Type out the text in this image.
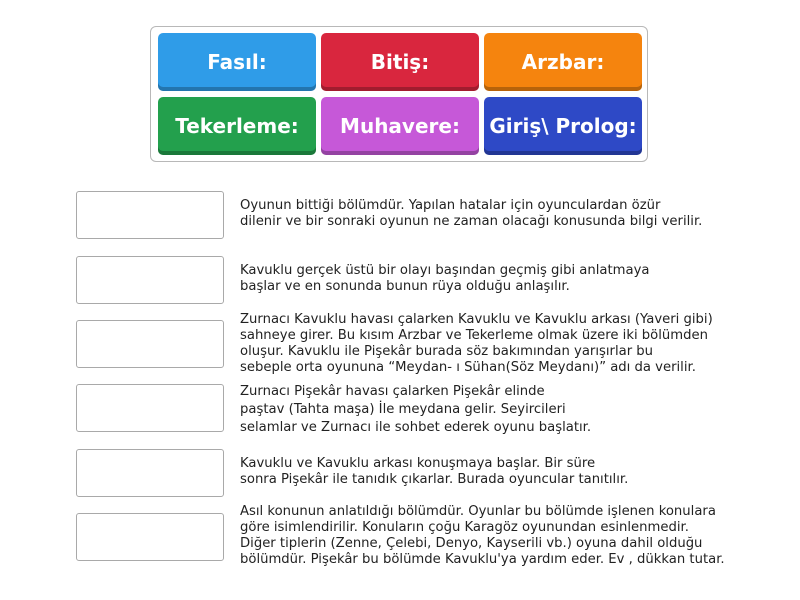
Fasıl:	Bitiş:	Arzbar:
Tekerleme:	Muhavere:	Giriş\ Prolog:
Oyunun bittiği bölümdür. Yapılan hatalar için oyunculardan özür
dilenir ve bir sonraki oyunun ne zaman olacağı konusunda bilgi verilir.
Kavuklu gerçek üstü bir olayı başından geçmiş gibi anlatmaya
başlar ve en sonunda bunun rüya olduğu anlaşılır.
Zurnacı Kavuklu havası çalarken Kavuklu ve Kavuklu arkası (Yaveri gibi)
sahneye girer. Bu kısım Arzbar ve Tekerleme olmak üzere iki bölümden
oluşur. Kavuklu ile Pişekâr burada söz bakımından yarışırlar bu
sebeple orta oyununa “Meydan- ı Sühan(Söz Meydanı)” adı da verilir.
Zurnacı Pişekâr havası çalarken Pişekâr elinde
paştav (Tahta maşa) İle meydana gelir. Seyircileri
selamlar ve Zurnacı ile sohbet ederek oyunu başlatır.
Kavuklu ve Kavuklu arkası konuşmaya başlar. Bir süre
sonra Pişekâr ile tanıdık çıkarlar. Burada oyuncular tanıtılır.
Asıl konunun anlatıldığı bölümdür. Oyunlar bu bölümde işlenen konulara
göre isimlendirilir. Konuların çoğu Karagöz oyunundan esinlenmedir.
Diğer tiplerin (Zenne, Çelebi, Denyo, Kayserili vb.) oyuna dahil olduğu
bölümdür. Pişekâr bu bölümde Kavuklu'ya yardım eder. Ev , dükkan tutar.
